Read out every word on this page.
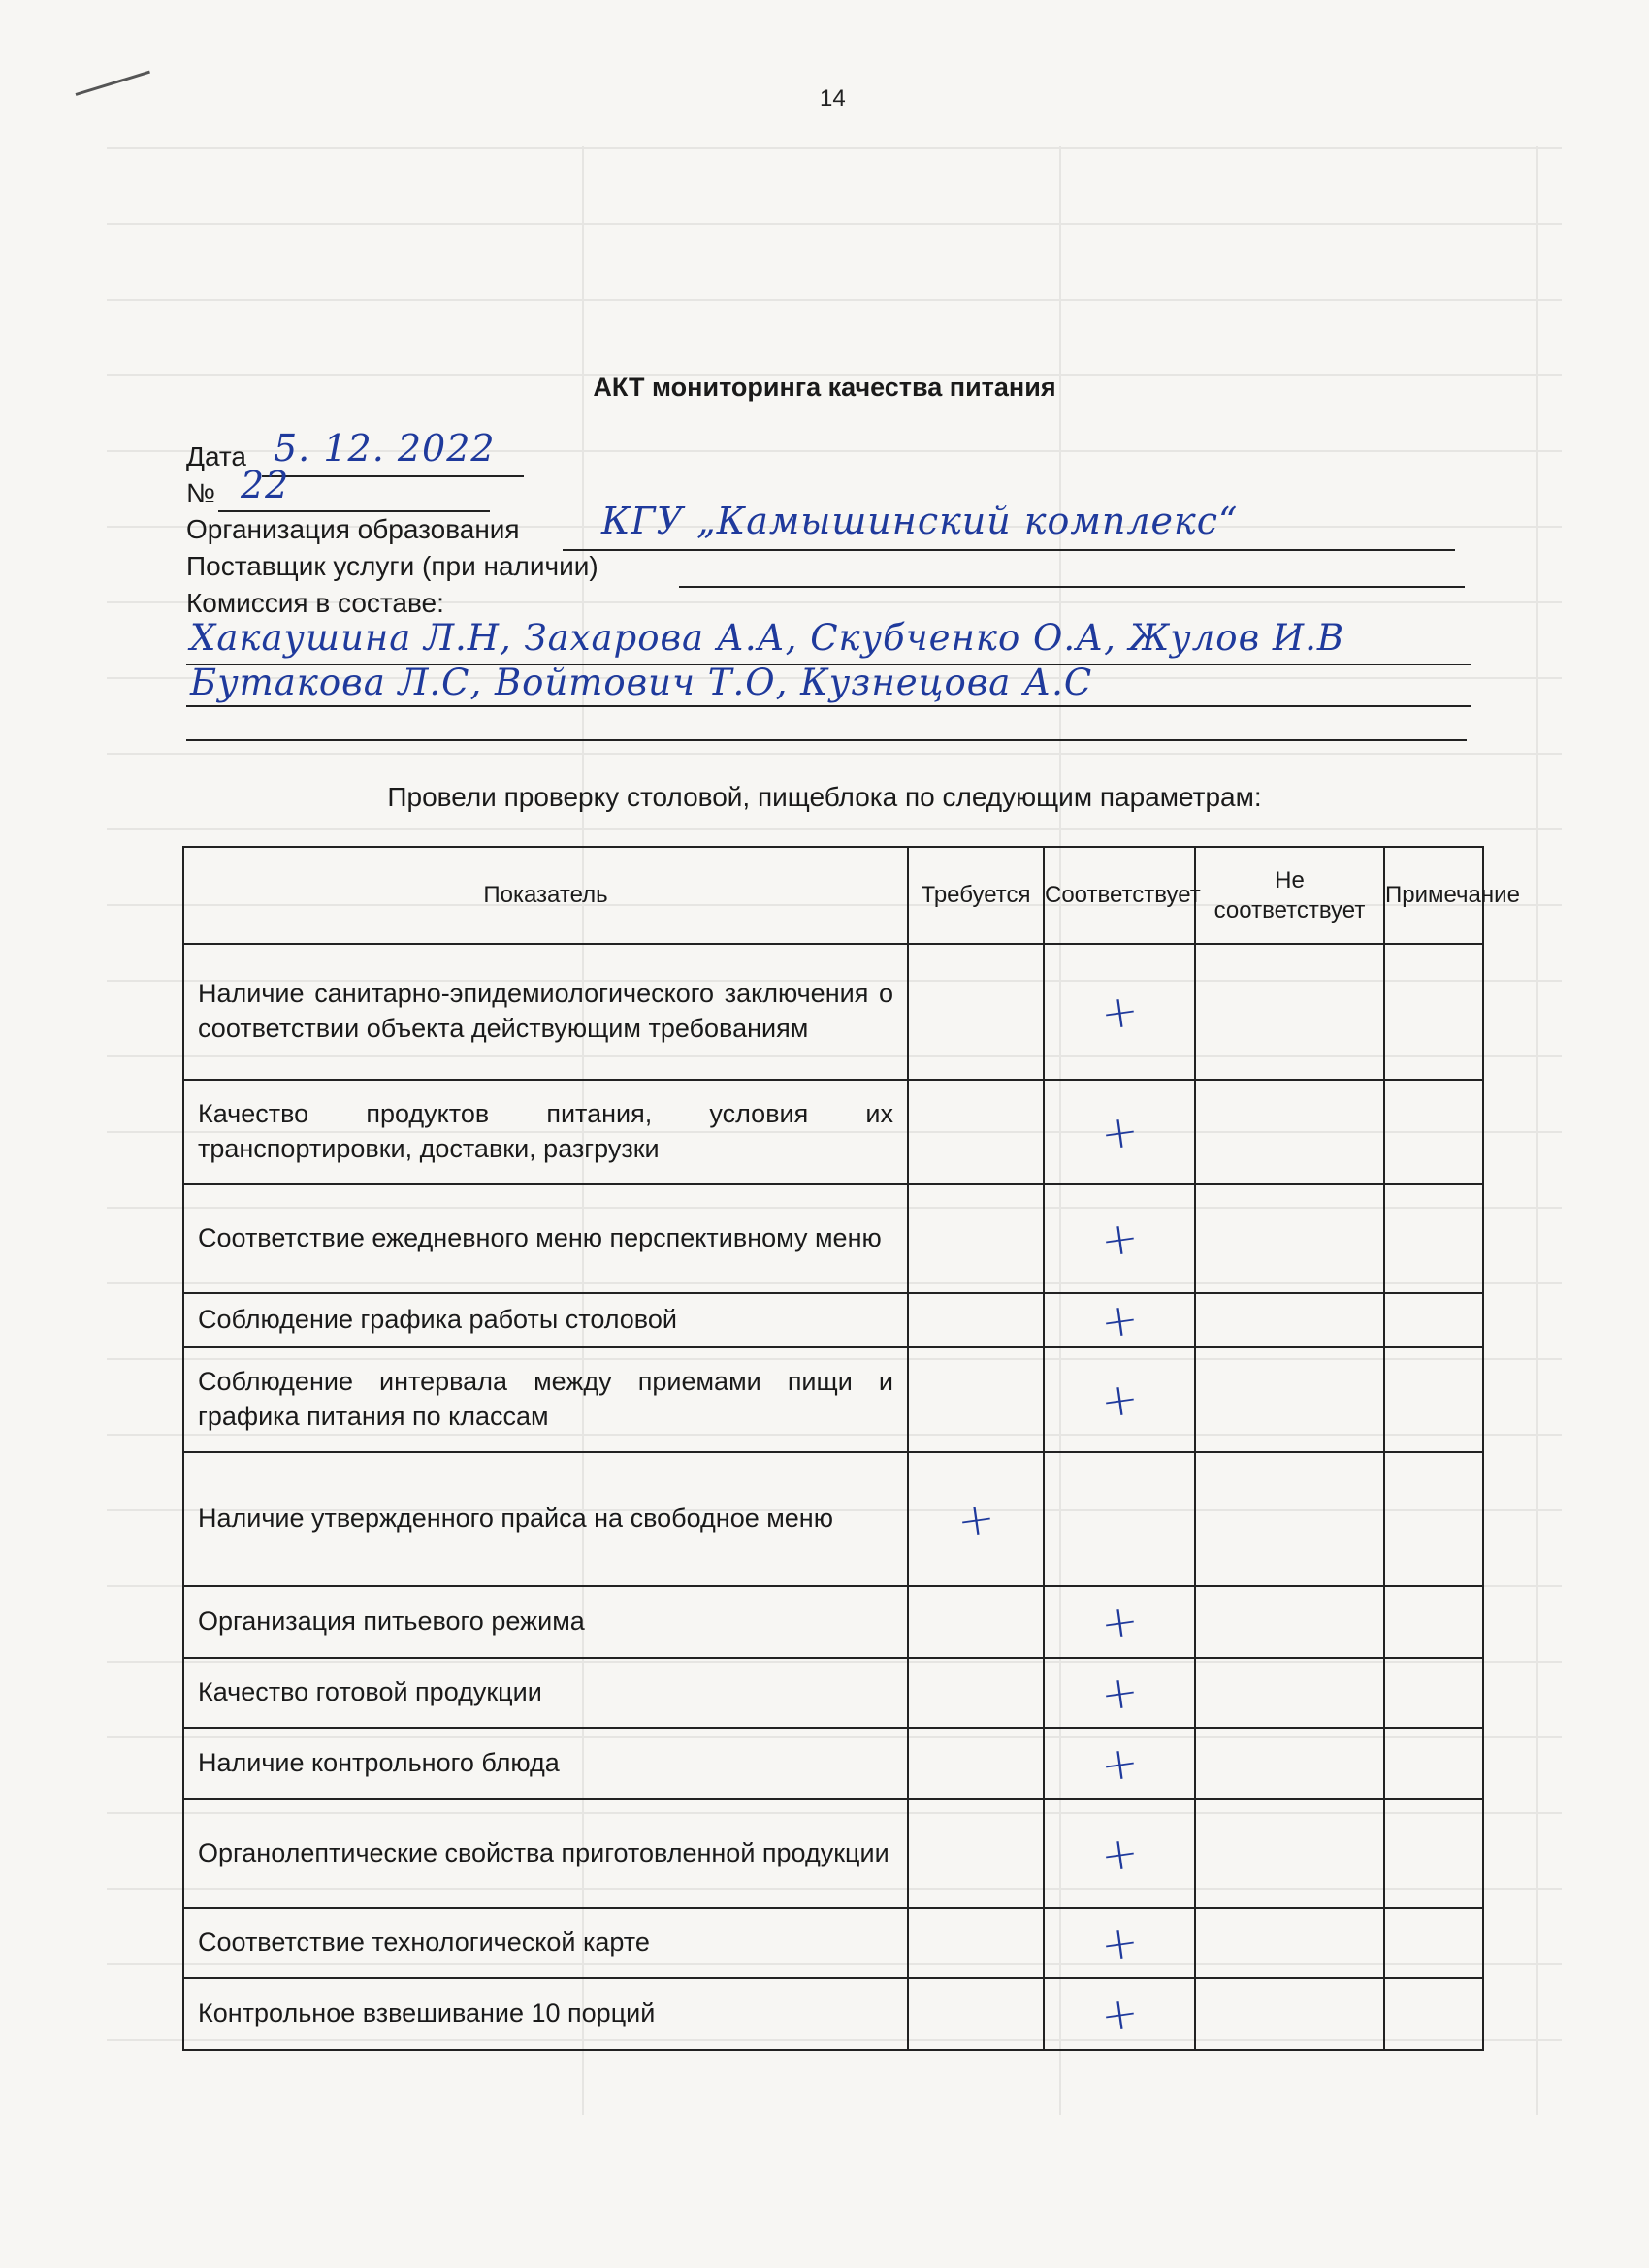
14
АКТ мониторинга качества питания
Дата 5. 12. 2022
№ 22
Организация образования КГУ „Камышинский комплекс“
Поставщик услуги (при наличии)
Комиссия в составе:
Хакаушина Л.Н, Захарова А.А, Скубченко О.А, Жулов И.В
Бутакова Л.С, Войтович Т.О, Кузнецова А.С
Провели проверку столовой, пищеблока по следующим параметрам:
Показатель	Требуется	Соответствует	Не соответствует	Примечание
Наличие санитарно-эпидемиологического заключения о соответствии объекта действующим требованиям		+		
Качество продуктов питания, условия их транспортировки, доставки, разгрузки		+		
Соответствие ежедневного меню перспективному меню		+		
Соблюдение графика работы столовой		+		
Соблюдение интервала между приемами пищи и графика питания по классам		+		
Наличие утвержденного прайса на свободное меню	+			
Организация питьевого режима		+		
Качество готовой продукции		+		
Наличие контрольного блюда		+		
Органолептические свойства приготовленной продукции		+		
Соответствие технологической карте		+		
Контрольное взвешивание 10 порций		+		
